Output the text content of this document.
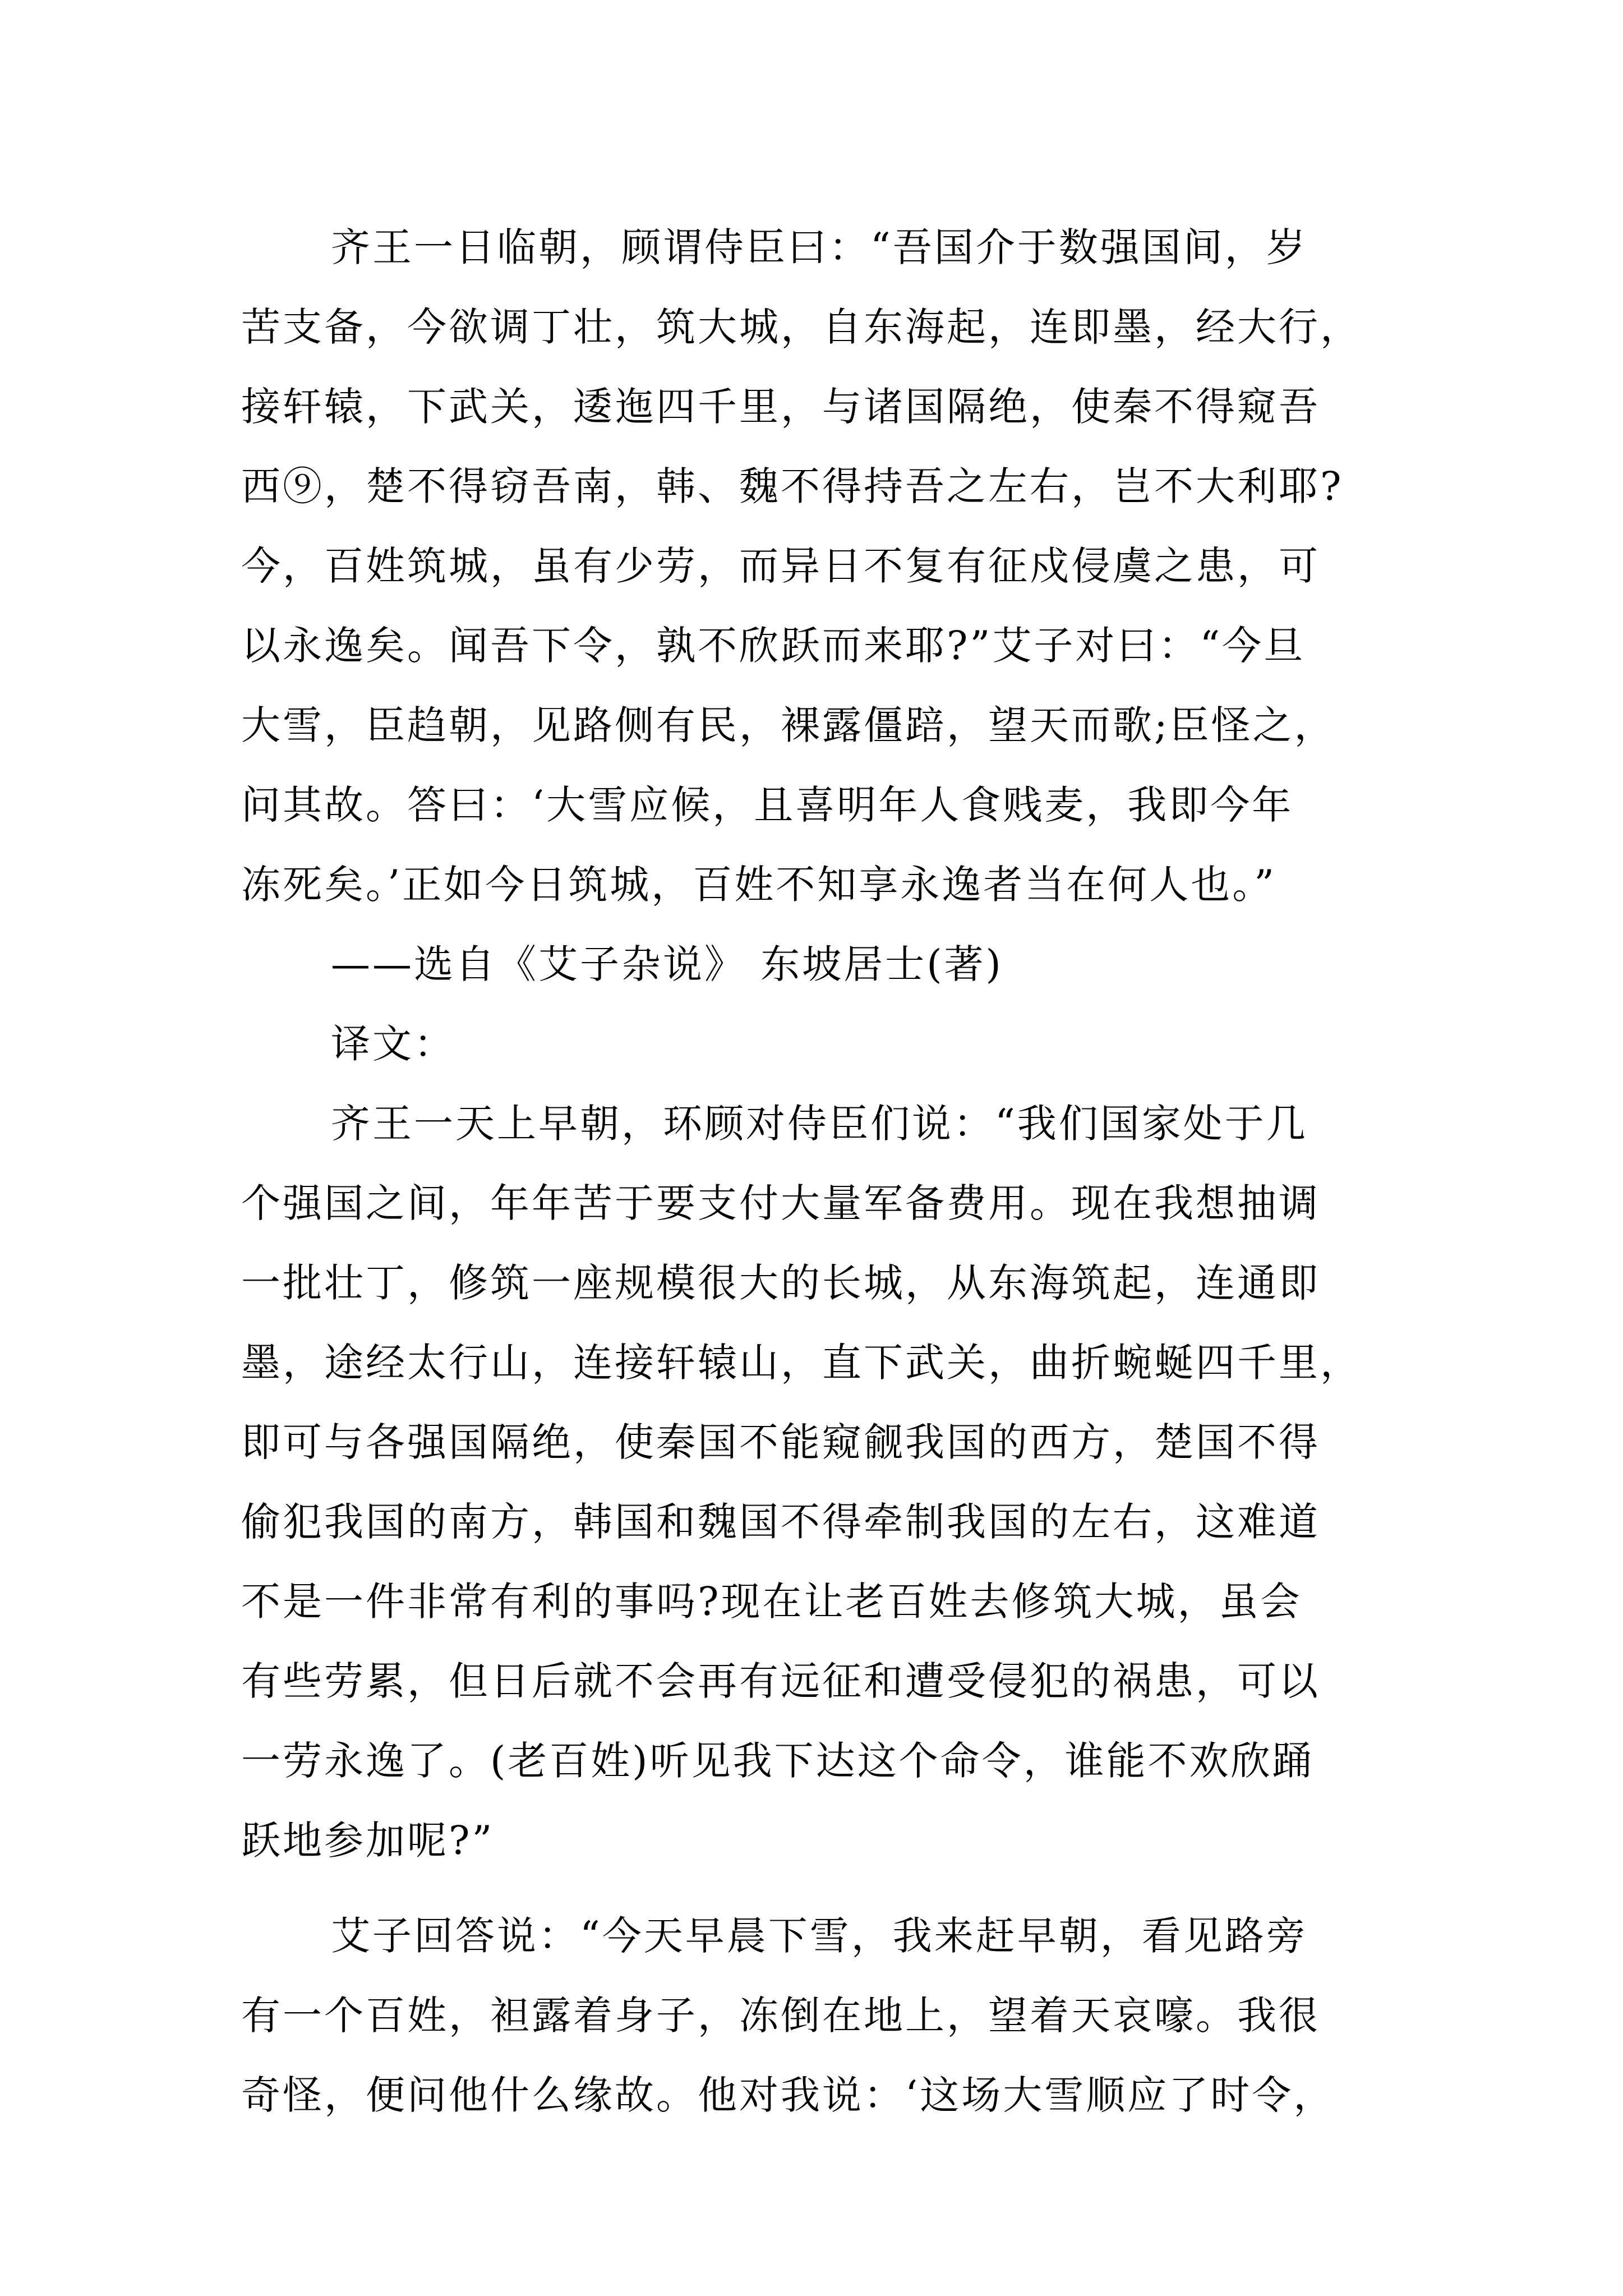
齐王一日临朝，顾谓侍臣曰：“吾国介于数强国间，岁
苦支备，今欲调丁壮，筑大城，自东海起，连即墨，经大行，
接轩辕，下武关，逶迤四千里，与诸国隔绝，使秦不得窥吾
西⑨，楚不得窃吾南，韩、魏不得持吾之左右，岂不大利耶?
今，百姓筑城，虽有少劳，而异日不复有征戍侵虞之患，可
以永逸矣。闻吾下令，孰不欣跃而来耶?”艾子对曰：“今旦
大雪，臣趋朝，见路侧有民，裸露僵踣，望天而歌;臣怪之，
问其故。答曰：‘大雪应候，且喜明年人食贱麦，我即今年
冻死矣。’正如今日筑城，百姓不知享永逸者当在何人也。”
——选自《艾子杂说》 东坡居士(著)
译文：
齐王一天上早朝，环顾对侍臣们说：“我们国家处于几
个强国之间，年年苦于要支付大量军备费用。现在我想抽调
一批壮丁，修筑一座规模很大的长城，从东海筑起，连通即
墨，途经太行山，连接轩辕山，直下武关，曲折蜿蜒四千里，
即可与各强国隔绝，使秦国不能窥觎我国的西方，楚国不得
偷犯我国的南方，韩国和魏国不得牵制我国的左右，这难道
不是一件非常有利的事吗?现在让老百姓去修筑大城，虽会
有些劳累，但日后就不会再有远征和遭受侵犯的祸患，可以
一劳永逸了。(老百姓)听见我下达这个命令，谁能不欢欣踊
跃地参加呢?”
艾子回答说：“今天早晨下雪，我来赶早朝，看见路旁
有一个百姓，袒露着身子，冻倒在地上，望着天哀嚎。我很
奇怪，便问他什么缘故。他对我说：‘这场大雪顺应了时令，
